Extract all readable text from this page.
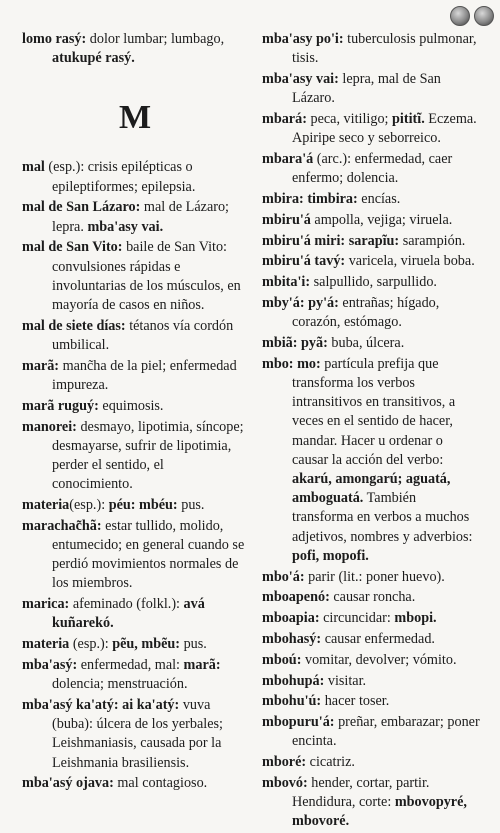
lomo rasý: dolor lumbar; lumbago, atukupé rasý.

M

mal (esp.): crisis epilépticas o epileptiformes; epilepsia.

mal de San Lázaro: mal de Lázaro; lepra. mba'asy vai.

mal de San Vito: baile de San Vito: convulsiones rápidas e involuntarias de los músculos, en mayoría de casos en niños.

mal de siete días: tétanos vía cordón umbilical.

marã: manc̃ha de la piel; enfermedad impureza.

marã ruguý: equimosis.

manorei: desmayo, lipotimia, síncope; desmayarse, sufrir de lipotimia, perder el sentido, el conocimiento.

materia(esp.): péu: mbéu: pus.

marachac̃hã: estar tullido, molido, entumecido; en general cuando se perdió movimientos normales de los miembros.

marica: afeminado (folkl.): avá kuñarekó.

materia (esp.): pẽu, mbẽu: pus.

mba'asý: enfermedad, mal: marã: dolencia; menstruación.

mba'asý ka'atý: ai ka'atý: vuva (buba): úlcera de los yerbales; Leishmaniasis, causada por la Leishmania brasiliensis.

mba'asý ojava: mal contagioso.

mba'asy po'i: tuberculosis pulmonar, tisis.

mba'asy vai: lepra, mal de San Lázaro.

mbará: peca, vitiligo; pititĩ. Eczema. Apiripe seco y seborreico.

mbara'á (arc.): enfermedad, caer enfermo; dolencia.

mbira: timbira: encías.

mbiru'á ampolla, vejiga; viruela.

mbiru'á miri: sarapĩu: sarampión.

mbiru'á tavý: varicela, viruela boba.

mbita'i: salpullido, sarpullido.

mby'á: py'á: entrañas; hígado, corazón, estómago.

mbiã: pyã: buba, úlcera.

mbo: mo: partícula prefija que transforma los verbos intransitivos en transitivos, a veces en el sentido de hacer, mandar. Hacer u ordenar o causar la acción del verbo: akarú, amongarú; aguatá, amboguatá. También transforma en verbos a muchos adjetivos, nombres y adverbios: pofi, mopofi.

mbo'á: parir (lit.: poner huevo).

mboapenó: causar roncha.

mboapia: circuncidar: mbopi.

mbohasý: causar enfermedad.

mboú: vomitar, devolver; vómito.

mbohupá: visitar.

mbohu'ú: hacer toser.

mbopuru'á: preñar, embarazar; poner encinta.

mboré: cicatriz.

mbovó: hender, cortar, partir. Hendidura, corte: mbovopyré, mbovoré.
